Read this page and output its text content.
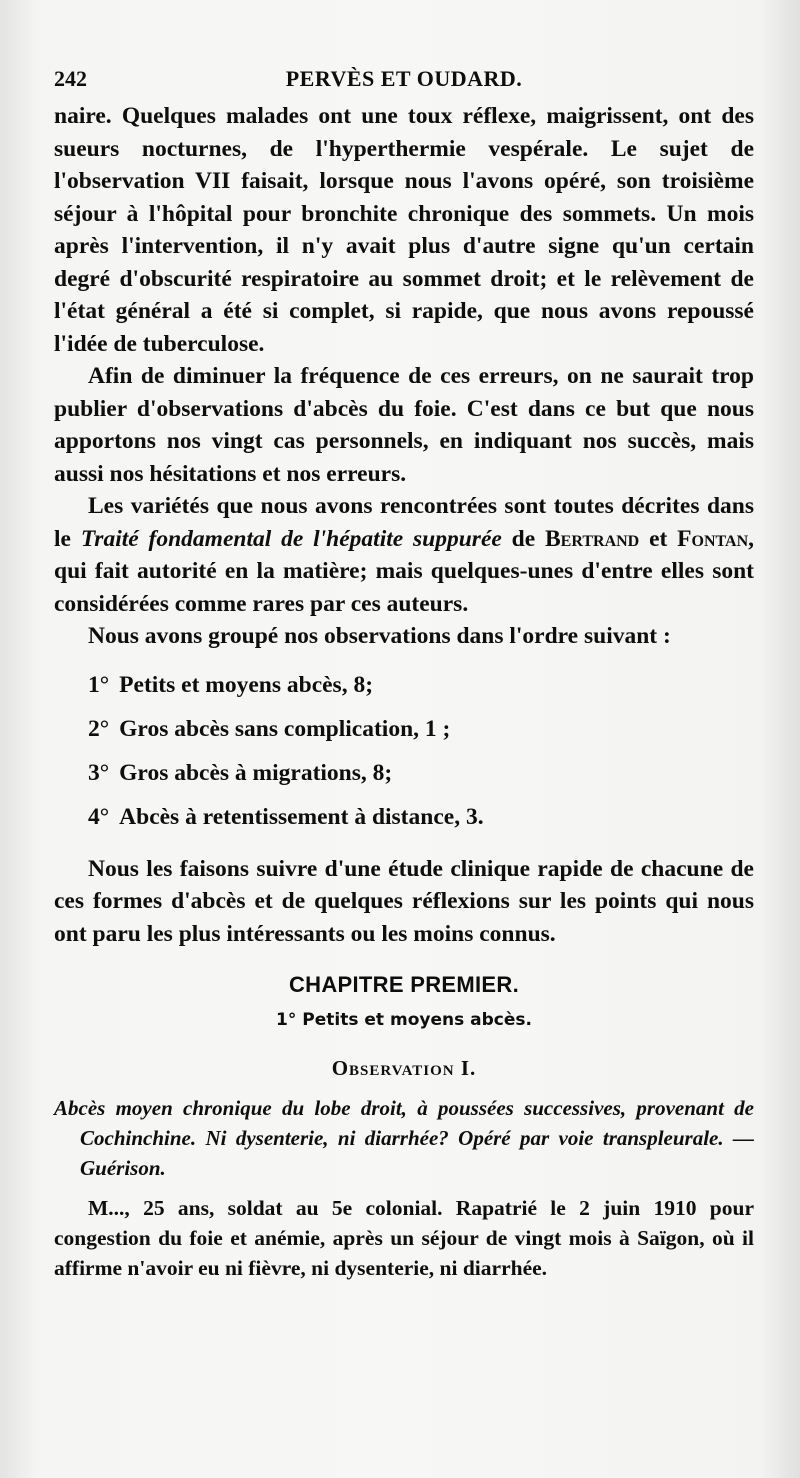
242	PERVÈS ET OUDARD.

naire. Quelques malades ont une toux réflexe, maigrissent, ont des sueurs nocturnes, de l'hyperthermie vespérale. Le sujet de l'observation VII faisait, lorsque nous l'avons opéré, son troisième séjour à l'hôpital pour bronchite chronique des sommets. Un mois après l'intervention, il n'y avait plus d'autre signe qu'un certain degré d'obscurité respiratoire au sommet droit; et le relèvement de l'état général a été si complet, si rapide, que nous avons repoussé l'idée de tuberculose.

Afin de diminuer la fréquence de ces erreurs, on ne saurait trop publier d'observations d'abcès du foie. C'est dans ce but que nous apportons nos vingt cas personnels, en indiquant nos succès, mais aussi nos hésitations et nos erreurs.

Les variétés que nous avons rencontrées sont toutes décrites dans le Traité fondamental de l'hépatite suppurée de Bertrand et Fontan, qui fait autorité en la matière; mais quelques-unes d'entre elles sont considérées comme rares par ces auteurs.

Nous avons groupé nos observations dans l'ordre suivant :

1° Petits et moyens abcès, 8;
2° Gros abcès sans complication, 1 ;
3° Gros abcès à migrations, 8;
4° Abcès à retentissement à distance, 3.

Nous les faisons suivre d'une étude clinique rapide de chacune de ces formes d'abcès et de quelques réflexions sur les points qui nous ont paru les plus intéressants ou les moins connus.

CHAPITRE PREMIER.
1° Petits et moyens abcès.
Observation I.
Abcès moyen chronique du lobe droit, à poussées successives, provenant de Cochinchine. Ni dysenterie, ni diarrhée? Opéré par voie transpleurale. — Guérison.
M..., 25 ans, soldat au 5e colonial. Rapatrié le 2 juin 1910 pour congestion du foie et anémie, après un séjour de vingt mois à Saïgon, où il affirme n'avoir eu ni fièvre, ni dysenterie, ni diarrhée.
